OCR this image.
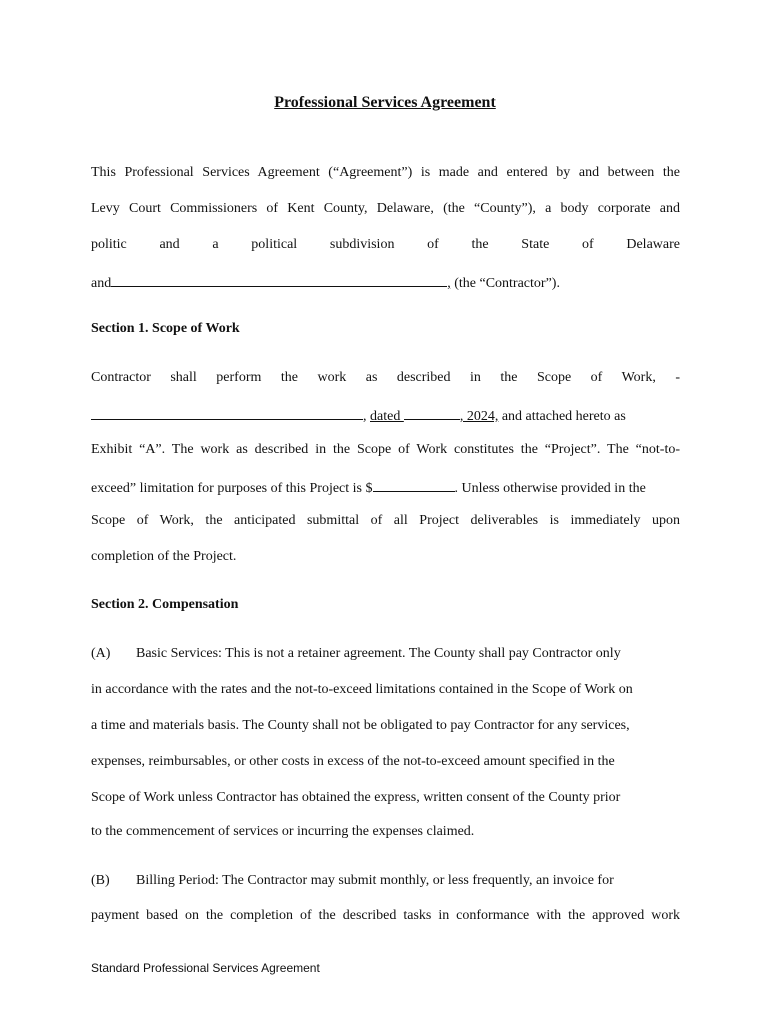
Professional Services Agreement
This Professional Services Agreement (“Agreement”) is made and entered by and between the
Levy Court Commissioners of Kent County, Delaware, (the “County”), a body corporate and
politic and a political subdivision of the State of Delaware
and	, (the “Contractor”).
Section 1. Scope of Work
Contractor shall perform the work as described in the Scope of Work, -
, dated	, 2024, and attached hereto as
Exhibit “A”. The work as described in the Scope of Work constitutes the “Project”. The “not-to-
exceed” limitation for purposes of this Project is $	. Unless otherwise provided in the
Scope of Work, the anticipated submittal of all Project deliverables is immediately upon
completion of the Project.
Section 2. Compensation
(A) Basic Services: This is not a retainer agreement. The County shall pay Contractor only
in accordance with the rates and the not-to-exceed limitations contained in the Scope of Work on
a time and materials basis. The County shall not be obligated to pay Contractor for any services,
expenses, reimbursables, or other costs in excess of the not-to-exceed amount specified in the
Scope of Work unless Contractor has obtained the express, written consent of the County prior
to the commencement of services or incurring the expenses claimed.
(B) Billing Period: The Contractor may submit monthly, or less frequently, an invoice for
payment based on the completion of the described tasks in conformance with the approved work
Standard Professional Services Agreement
